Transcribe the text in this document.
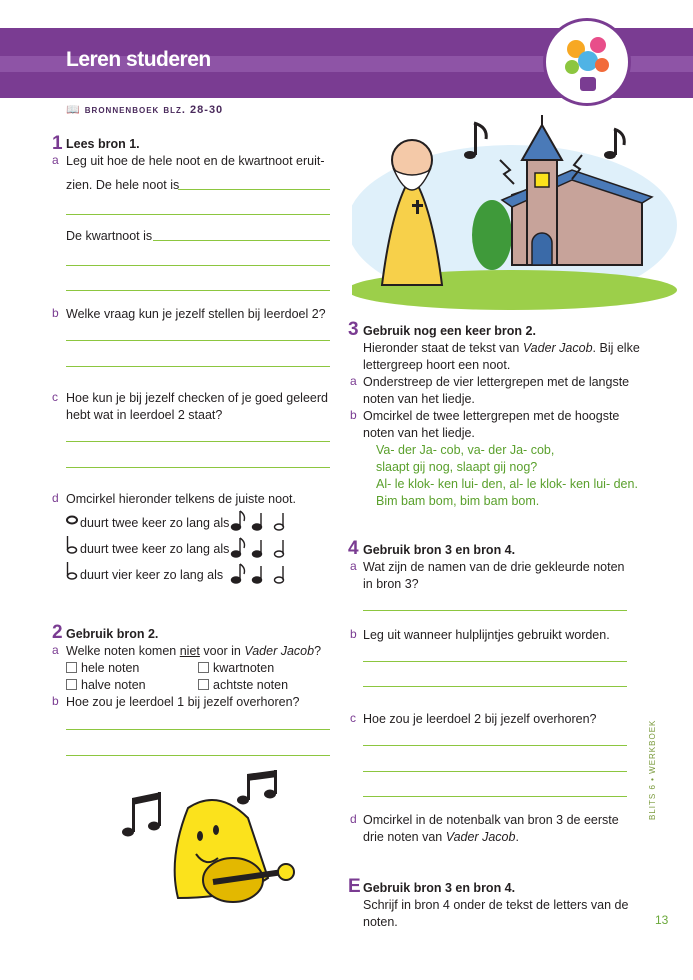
Leren studeren
📖 bronnenboek blz. 28-30
1 Lees bron 1.
a Leg uit hoe de hele noot en de kwartnoot eruit-
zien. De hele noot is
De kwartnoot is
b Welke vraag kun je jezelf stellen bij leerdoel 2?
c Hoe kun je bij jezelf checken of je goed geleerd
hebt wat in leerdoel 2 staat?
d Omcirkel hieronder telkens de juiste noot.
duurt twee keer zo lang als
duurt twee keer zo lang als
duurt vier keer zo lang als
2 Gebruik bron 2.
a Welke noten komen niet voor in Vader Jacob?
hele noten	kwartnoten
halve noten	achtste noten
b Hoe zou je leerdoel 1 bij jezelf overhoren?
3 Gebruik nog een keer bron 2.
Hieronder staat de tekst van Vader Jacob. Bij elke
lettergreep hoort een noot.
a Onderstreep de vier lettergrepen met de langste
noten van het liedje.
b Omcirkel de twee lettergrepen met de hoogste
noten van het liedje.
Va- der Ja- cob, va- der Ja- cob,
slaapt gij nog, slaapt gij nog?
Al- le klok- ken lui- den, al- le klok- ken lui- den.
Bim bam bom, bim bam bom.
4 Gebruik bron 3 en bron 4.
a Wat zijn de namen van de drie gekleurde noten
in bron 3?
b Leg uit wanneer hulplijntjes gebruikt worden.
c Hoe zou je leerdoel 2 bij jezelf overhoren?
d Omcirkel in de notenbalk van bron 3 de eerste
drie noten van Vader Jacob.
E Gebruik bron 3 en bron 4.
Schrijf in bron 4 onder de tekst de letters van de
noten.
BLITS 6 • WERKBOEK
13
